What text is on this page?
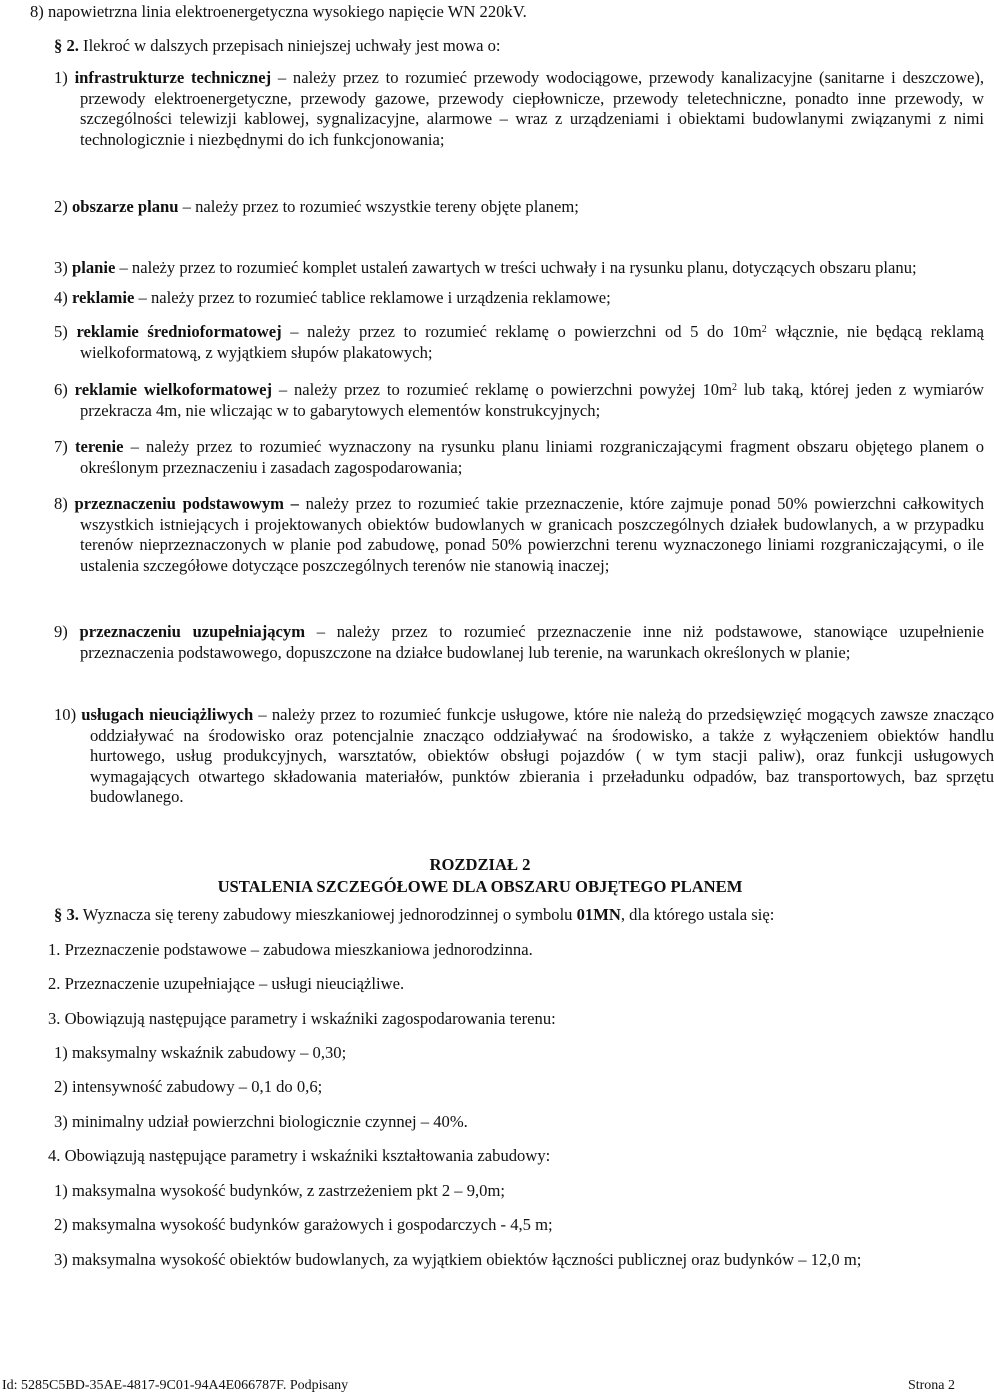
8) napowietrzna linia elektroenergetyczna wysokiego napięcie WN 220kV.

§ 2. Ilekroć w dalszych przepisach niniejszej uchwały jest mowa o:

1) infrastrukturze technicznej – należy przez to rozumieć przewody wodociągowe, przewody kanalizacyjne (sanitarne i deszczowe), przewody elektroenergetyczne, przewody gazowe, przewody ciepłownicze, przewody teletechniczne, ponadto inne przewody, w szczególności telewizji kablowej, sygnalizacyjne, alarmowe – wraz z urządzeniami i obiektami budowlanymi związanymi z nimi technologicznie i niezbędnymi do ich funkcjonowania;

2) obszarze planu – należy przez to rozumieć wszystkie tereny objęte planem;

3) planie – należy przez to rozumieć komplet ustaleń zawartych w treści uchwały i na rysunku planu, dotyczących obszaru planu;

4) reklamie – należy przez to rozumieć tablice reklamowe i urządzenia reklamowe;

5) reklamie średnioformatowej – należy przez to rozumieć reklamę o powierzchni od 5 do $10m^2$ włącznie, nie będącą reklamą wielkoformatową, z wyjątkiem słupów plakatowych;

6) reklamie wielkoformatowej – należy przez to rozumieć reklamę o powierzchni powyżej $10m^2$ lub taką, której jeden z wymiarów przekracza 4m, nie wliczając w to gabarytowych elementów konstrukcyjnych;

7) terenie – należy przez to rozumieć wyznaczony na rysunku planu liniami rozgraniczającymi fragment obszaru objętego planem o określonym przeznaczeniu i zasadach zagospodarowania;

8) przeznaczeniu podstawowym – należy przez to rozumieć takie przeznaczenie, które zajmuje ponad 50% powierzchni całkowitych wszystkich istniejących i projektowanych obiektów budowlanych w granicach poszczególnych działek budowlanych, a w przypadku terenów nieprzeznaczonych w planie pod zabudowę, ponad 50% powierzchni terenu wyznaczonego liniami rozgraniczającymi, o ile ustalenia szczegółowe dotyczące poszczególnych terenów nie stanowią inaczej;

9) przeznaczeniu uzupełniającym – należy przez to rozumieć przeznaczenie inne niż podstawowe, stanowiące uzupełnienie przeznaczenia podstawowego, dopuszczone na działce budowlanej lub terenie, na warunkach określonych w planie;

10) usługach nieuciążliwych – należy przez to rozumieć funkcje usługowe, które nie należą do przedsięwzięć mogących zawsze znacząco oddziaływać na środowisko oraz potencjalnie znacząco oddziaływać na środowisko, a także z wyłączeniem obiektów handlu hurtowego, usług produkcyjnych, warsztatów, obiektów obsługi pojazdów ( w tym stacji paliw), oraz funkcji usługowych wymagających otwartego składowania materiałów, punktów zbierania i przeładunku odpadów, baz transportowych, baz sprzętu budowlanego.

ROZDZIAŁ 2

USTALENIA SZCZEGÓŁOWE DLA OBSZARU OBJĘTEGO PLANEM

§ 3. Wyznacza się tereny zabudowy mieszkaniowej jednorodzinnej o symbolu 01MN, dla którego ustala się:

1. Przeznaczenie podstawowe – zabudowa mieszkaniowa jednorodzinna.

2. Przeznaczenie uzupełniające – usługi nieuciążliwe.

3. Obowiązują następujące parametry i wskaźniki zagospodarowania terenu:

1) maksymalny wskaźnik zabudowy – 0,30;

2) intensywność zabudowy – 0,1 do 0,6;

3) minimalny udział powierzchni biologicznie czynnej – 40%.

4. Obowiązują następujące parametry i wskaźniki kształtowania zabudowy:

1) maksymalna wysokość budynków, z zastrzeżeniem pkt 2 – 9,0m;

2) maksymalna wysokość budynków garażowych i gospodarczych - 4,5 m;

3) maksymalna wysokość obiektów budowlanych, za wyjątkiem obiektów łączności publicznej oraz budynków – 12,0 m;

Id: 5285C5BD-35AE-4817-9C01-94A4E066787F. Podpisany	Strona 2
